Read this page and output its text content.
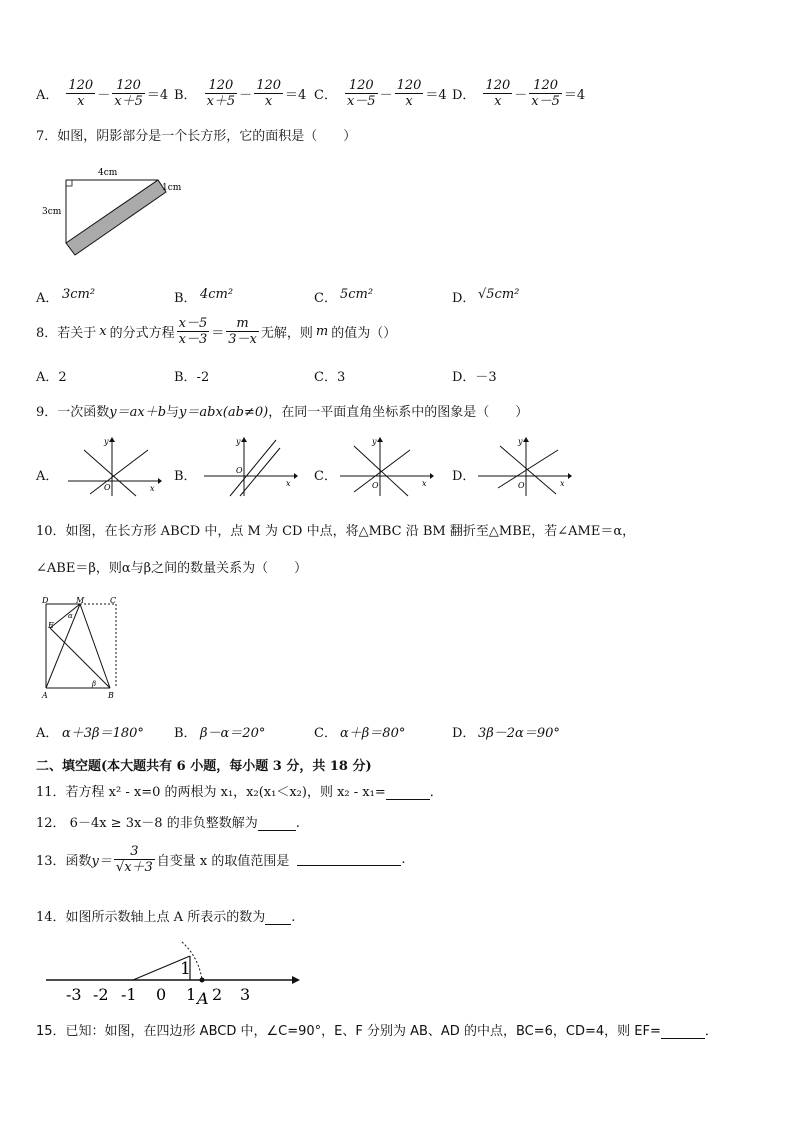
A． $\frac{120}{x} - \frac{120}{x+5} =4$ B． $\frac{120}{x+5} - \frac{120}{x} =4$ C． $\frac{120}{x-5} - \frac{120}{x} =4$ D． $\frac{120}{x} - \frac{120}{x-5} =4$
7．如图，阴影部分是一个长方形，它的面积是（　　）
4cm
3cm
1cm
A． 3cm²	B． 4cm²	C． 5cm²	D． √5cm²
8．若关于 x 的分式方程 $\frac{x-5}{x-3} = \frac{m}{3-x}$ 无解，则 m 的值为（）
A．2	B．-2	C．3	D．－3
9．一次函数y＝ax＋b与y＝abx(ab≠0)，在同一平面直角坐标系中的图象是（　　）
A．
y
x
O
B．
y
x
O	C．
y
x
O
D．
y
x
O
10．如图，在长方形 ABCD 中，点 M 为 CD 中点，将△MBC 沿 BM 翻折至△MBE，若∠AME＝α，
∠ABE＝β，则α与β之间的数量关系为（　　）
D	M	C
E
A	B
α
β
A． α＋3β＝180° B． β－α＝20°	C． α＋β＝80°	D． 3β－2α＝90°
二、填空题(本大题共有 6 小题，每小题 3 分，共 18 分)
11．若方程 x² - x=0 的两根为 x₁，x₂(x₁＜x₂)，则 x₂ - x₁=	．
12． 6－4x ≥ 3x－8 的非负整数解为	.
13．函数 $y= \frac{3}{√x+3}$ 自变量 x 的取值范围是	.
14．如图所示数轴上点 A 所表示的数为 .
1
-3 -2 -1 0 1 2 3
A
15．已知：如图，在四边形 ABCD 中，∠C=90°，E、F 分别为 AB、AD 的中点，BC=6，CD=4，则 EF=	．
